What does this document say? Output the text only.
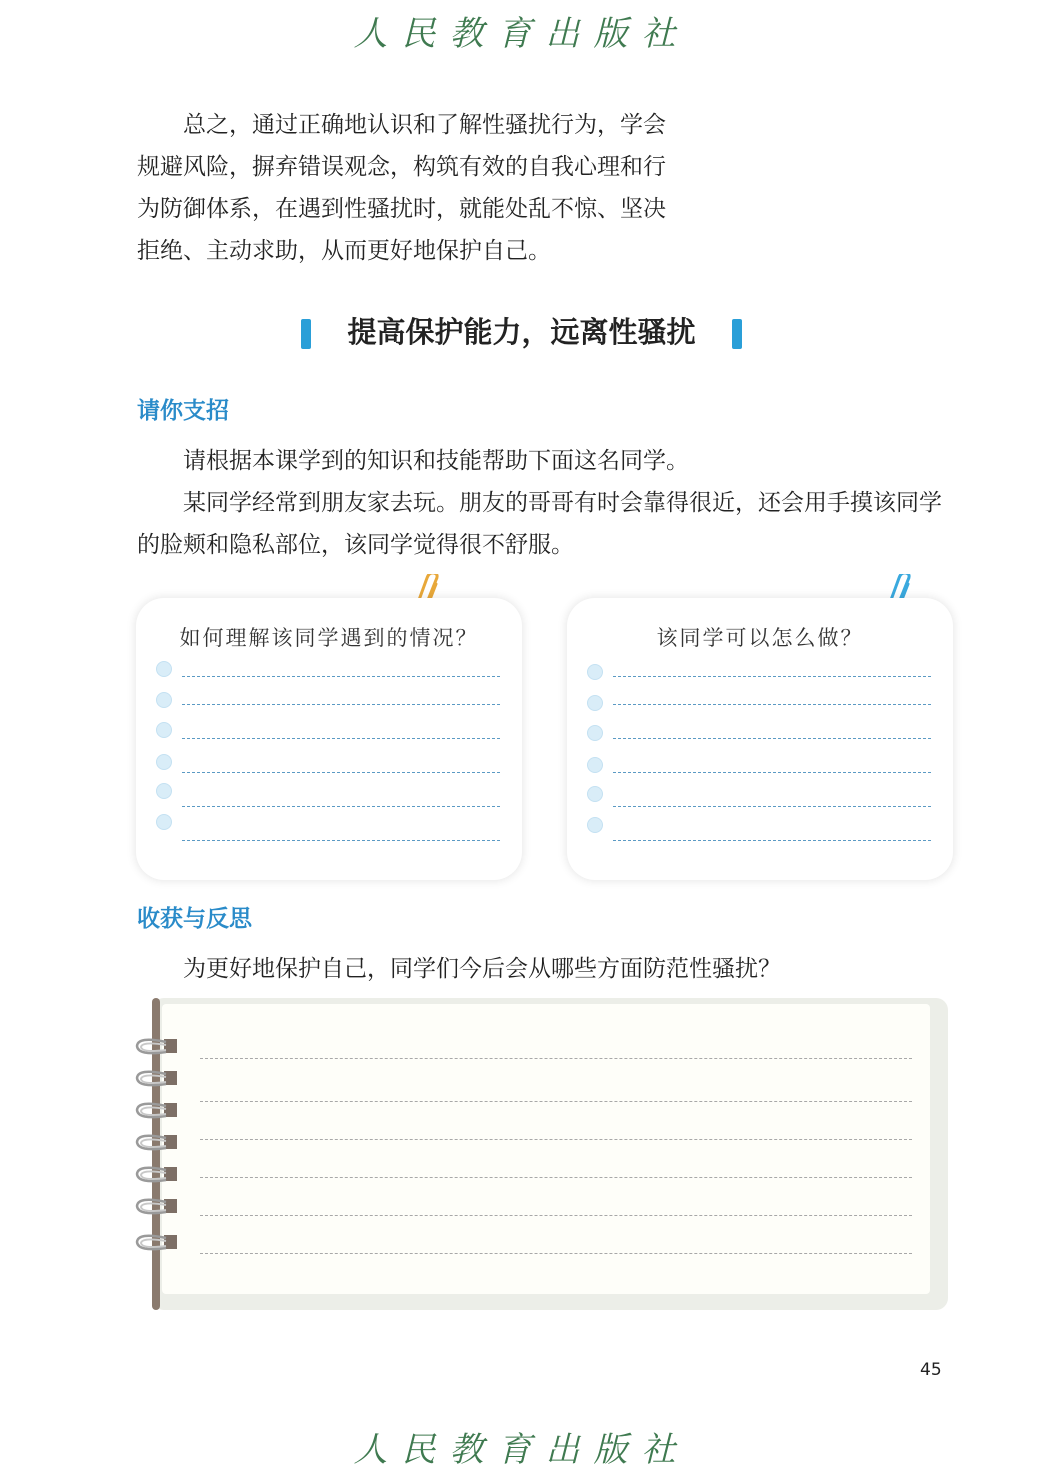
人民教育出版社
总之，通过正确地认识和了解性骚扰行为，学会规避风险，摒弃错误观念，构筑有效的自我心理和行为防御体系，在遇到性骚扰时，就能处乱不惊、坚决拒绝、主动求助，从而更好地保护自己。
提高保护能力，远离性骚扰
请你支招
请根据本课学到的知识和技能帮助下面这名同学。
某同学经常到朋友家去玩。朋友的哥哥有时会靠得很近，还会用手摸该同学的脸颊和隐私部位，该同学觉得很不舒服。
如何理解该同学遇到的情况？	该同学可以怎么做？
收获与反思
为更好地保护自己，同学们今后会从哪些方面防范性骚扰？
45
人民教育出版社
